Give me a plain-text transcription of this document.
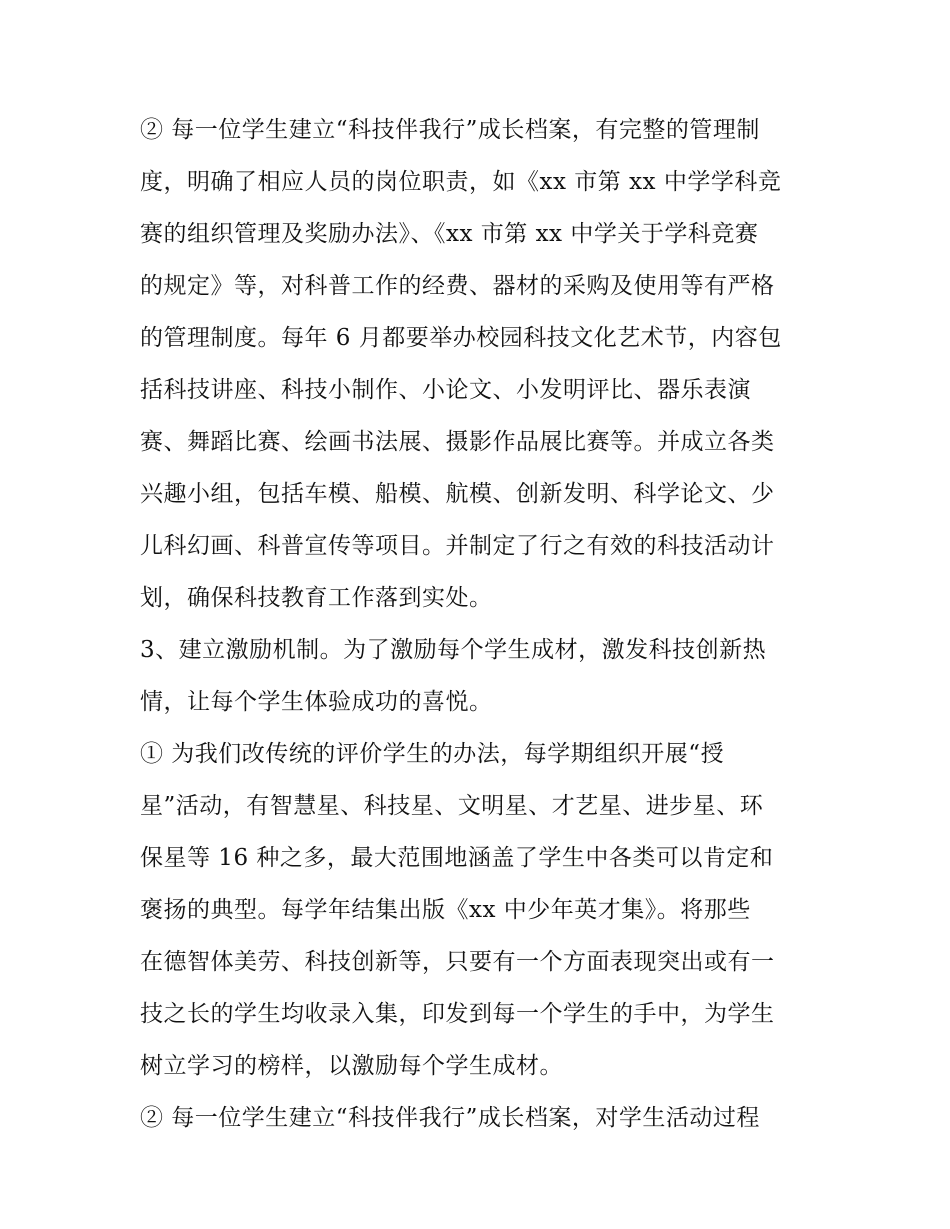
② 每一位学生建立“科技伴我行”成长档案，有完整的管理制
度，明确了相应人员的岗位职责，如《xx 市第 xx 中学学科竞
赛的组织管理及奖励办法》、《xx 市第 xx 中学关于学科竞赛
的规定》等，对科普工作的经费、器材的采购及使用等有严格
的管理制度。每年 6 月都要举办校园科技文化艺术节，内容包
括科技讲座、科技小制作、小论文、小发明评比、器乐表演
赛、舞蹈比赛、绘画书法展、摄影作品展比赛等。并成立各类
兴趣小组，包括车模、船模、航模、创新发明、科学论文、少
儿科幻画、科普宣传等项目。并制定了行之有效的科技活动计
划，确保科技教育工作落到实处。
3、建立激励机制。为了激励每个学生成材，激发科技创新热
情，让每个学生体验成功的喜悦。
① 为我们改传统的评价学生的办法，每学期组织开展“授
星”活动，有智慧星、科技星、文明星、才艺星、进步星、环
保星等 16 种之多，最大范围地涵盖了学生中各类可以肯定和
褒扬的典型。每学年结集出版《xx 中少年英才集》。将那些
在德智体美劳、科技创新等，只要有一个方面表现突出或有一
技之长的学生均收录入集，印发到每一个学生的手中，为学生
树立学习的榜样，以激励每个学生成材。
② 每一位学生建立“科技伴我行”成长档案，对学生活动过程
